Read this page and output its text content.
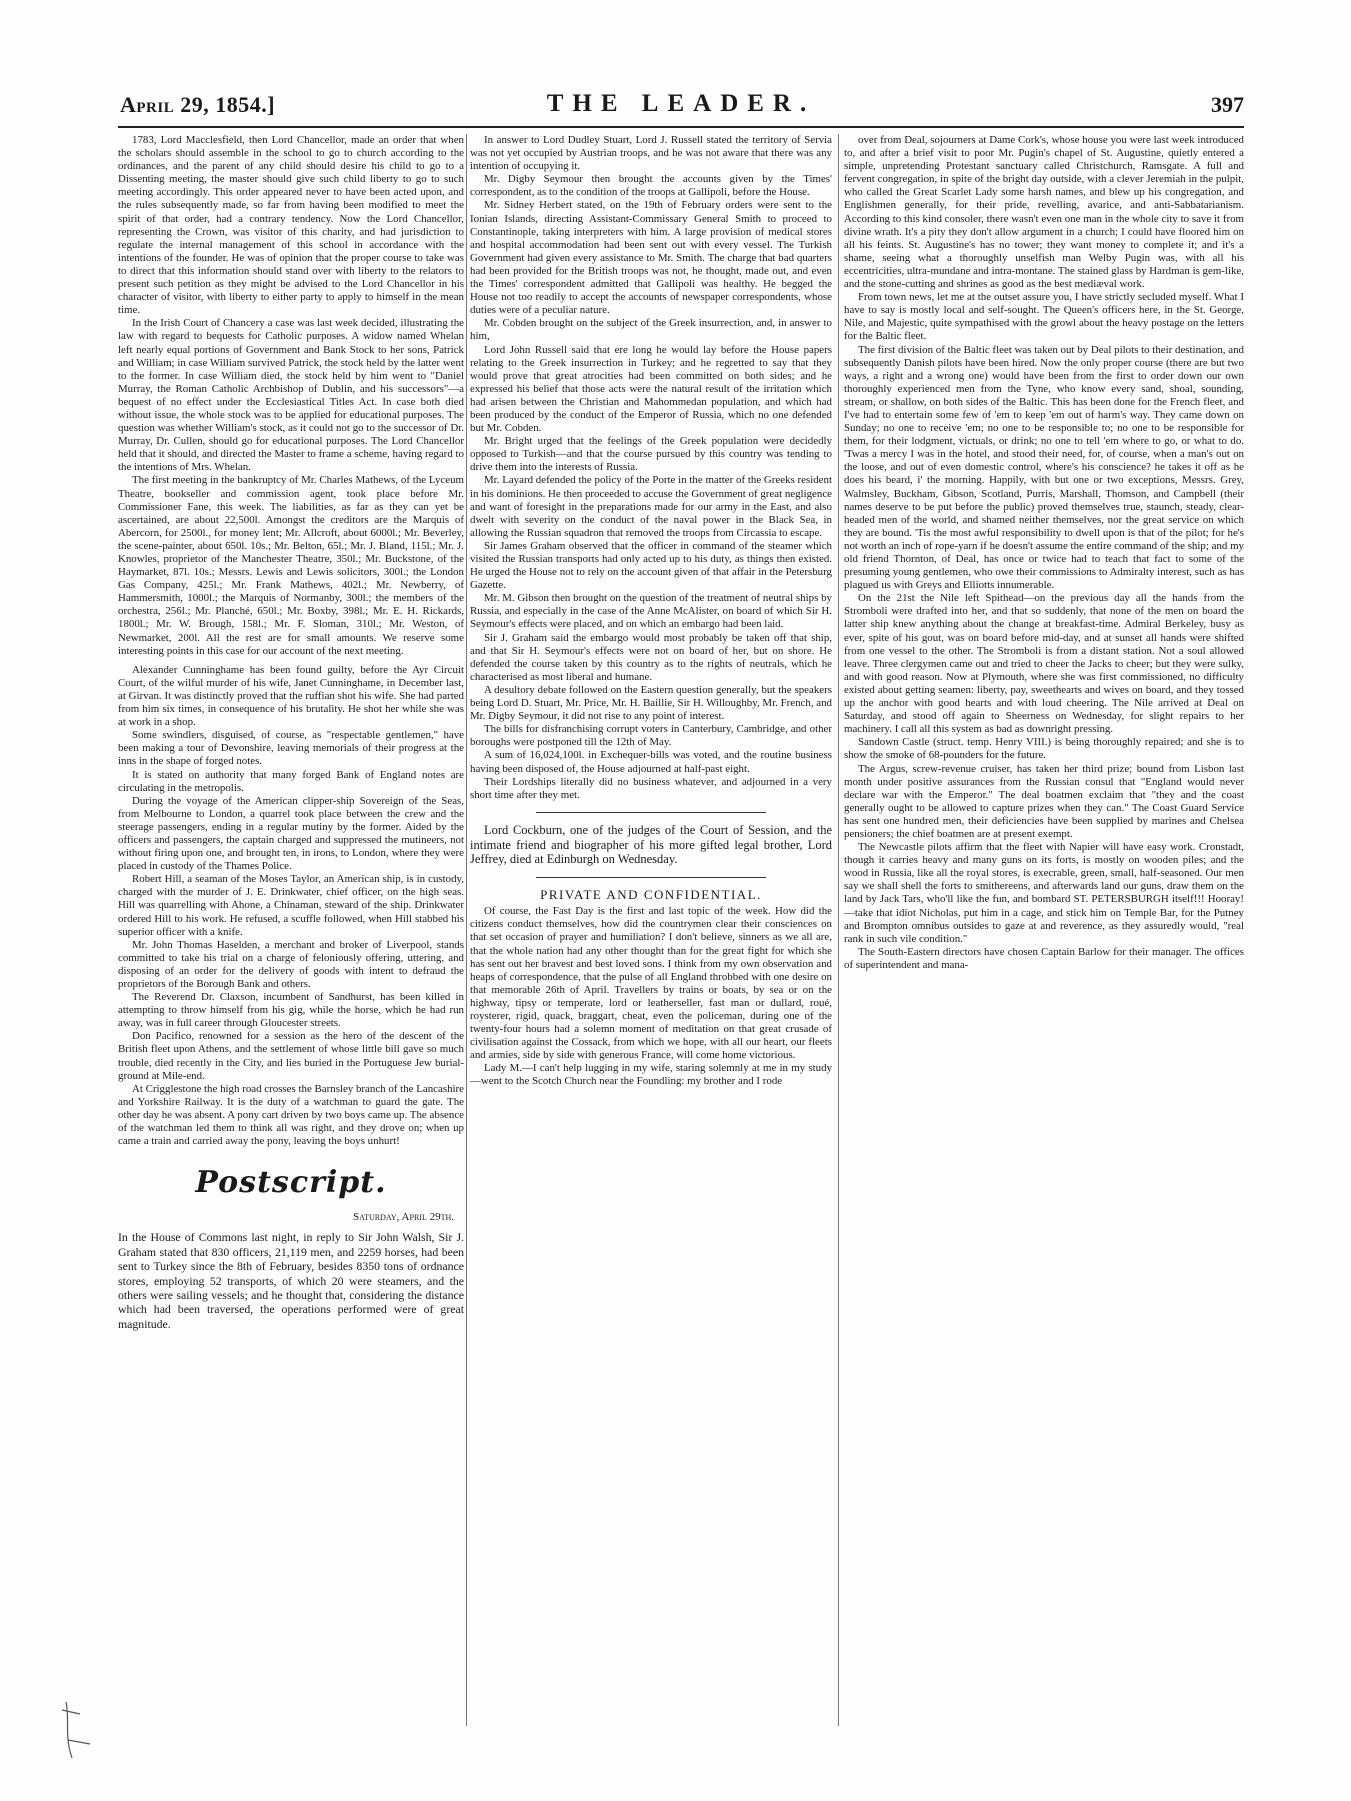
April 29, 1854.]	THE LEADER.	397

1783, Lord Macclesfield, then Lord Chancellor, made an order that when the scholars should assemble in the school to go to church according to the ordinances, and the parent of any child should desire his child to go to a Dissenting meeting, the master should give such child liberty to go to such meeting accordingly. This order appeared never to have been acted upon, and the rules subsequently made, so far from having been modified to meet the spirit of that order, had a contrary tendency. Now the Lord Chancellor, representing the Crown, was visitor of this charity, and had jurisdiction to regulate the internal management of this school in accordance with the intentions of the founder. He was of opinion that the proper course to take was to direct that this information should stand over with liberty to the relators to present such petition as they might be advised to the Lord Chancellor in his character of visitor, with liberty to either party to apply to himself in the mean time.

In the Irish Court of Chancery a case was last week decided, illustrating the law with regard to bequests for Catholic purposes. A widow named Whelan left nearly equal portions of Government and Bank Stock to her sons, Patrick and William; in case William survived Patrick, the stock held by the latter went to the former. In case William died, the stock held by him went to "Daniel Murray, the Roman Catholic Archbishop of Dublin, and his successors"—a bequest of no effect under the Ecclesiastical Titles Act. In case both died without issue, the whole stock was to be applied for educational purposes. The question was whether William's stock, as it could not go to the successor of Dr. Murray, Dr. Cullen, should go for educational purposes. The Lord Chancellor held that it should, and directed the Master to frame a scheme, having regard to the intentions of Mrs. Whelan.

The first meeting in the bankruptcy of Mr. Charles Mathews, of the Lyceum Theatre, bookseller and commission agent, took place before Mr. Commissioner Fane, this week. The liabilities, as far as they can yet be ascertained, are about 22,500l. Amongst the creditors are the Marquis of Abercorn, for 2500l., for money lent; Mr. Allcroft, about 6000l.; Mr. Beverley, the scene-painter, about 650l. 10s.; Mr. Belton, 65l.; Mr. J. Bland, 115l.; Mr. J. Knowles, proprietor of the Manchester Theatre, 350l.; Mr. Buckstone, of the Haymarket, 87l. 10s.; Messrs. Lewis and Lewis solicitors, 300l.; the London Gas Company, 425l.; Mr. Frank Mathews, 402l.; Mr. Newberry, of Hammersmith, 1000l.; the Marquis of Normanby, 300l.; the members of the orchestra, 256l.; Mr. Planché, 650l.; Mr. Boxby, 398l.; Mr. E. H. Rickards, 1800l.; Mr. W. Brough, 158l.; Mr. F. Sloman, 310l.; Mr. Weston, of Newmarket, 200l. All the rest are for small amounts. We reserve some interesting points in this case for our account of the next meeting.

Alexander Cunninghame has been found guilty, before the Ayr Circuit Court, of the wilful murder of his wife, Janet Cunninghame, in December last, at Girvan. It was distinctly proved that the ruffian shot his wife. She had parted from him six times, in consequence of his brutality. He shot her while she was at work in a shop.

Some swindlers, disguised, of course, as "respectable gentlemen," have been making a tour of Devonshire, leaving memorials of their progress at the inns in the shape of forged notes.

It is stated on authority that many forged Bank of England notes are circulating in the metropolis.

During the voyage of the American clipper-ship Sovereign of the Seas, from Melbourne to London, a quarrel took place between the crew and the steerage passengers, ending in a regular mutiny by the former. Aided by the officers and passengers, the captain charged and suppressed the mutineers, not without firing upon one, and brought ten, in irons, to London, where they were placed in custody of the Thames Police.

Robert Hill, a seaman of the Moses Taylor, an American ship, is in custody, charged with the murder of J. E. Drinkwater, chief officer, on the high seas. Hill was quarrelling with Ahone, a Chinaman, steward of the ship. Drinkwater ordered Hill to his work. He refused, a scuffle followed, when Hill stabbed his superior officer with a knife.

Mr. John Thomas Haselden, a merchant and broker of Liverpool, stands committed to take his trial on a charge of feloniously offering, uttering, and disposing of an order for the delivery of goods with intent to defraud the proprietors of the Borough Bank and others.

The Reverend Dr. Claxson, incumbent of Sandhurst, has been killed in attempting to throw himself from his gig, while the horse, which he had run away, was in full career through Gloucester streets.

Don Pacifico, renowned for a session as the hero of the descent of the British fleet upon Athens, and the settlement of whose little bill gave so much trouble, died recently in the City, and lies buried in the Portuguese Jew burial-ground at Mile-end.

At Crigglestone the high road crosses the Barnsley branch of the Lancashire and Yorkshire Railway. It is the duty of a watchman to guard the gate. The other day he was absent. A pony cart driven by two boys came up. The absence of the watchman led them to think all was right, and they drove on; when up came a train and carried away the pony, leaving the boys unhurt!

Postscript.
Saturday, April 29th.

In the House of Commons last night, in reply to Sir John Walsh, Sir J. Graham stated that 830 officers, 21,119 men, and 2259 horses, had been sent to Turkey since the 8th of February, besides 8350 tons of ordnance stores, employing 52 transports, of which 20 were steamers, and the others were sailing vessels; and he thought that, considering the distance which had been traversed, the operations performed were of great magnitude.

In answer to Lord Dudley Stuart, Lord J. Russell stated the territory of Servia was not yet occupied by Austrian troops, and he was not aware that there was any intention of occupying it.

Mr. Digby Seymour then brought the accounts given by the Times' correspondent, as to the condition of the troops at Gallipoli, before the House.

Mr. Sidney Herbert stated, on the 19th of February orders were sent to the Ionian Islands, directing Assistant-Commissary General Smith to proceed to Constantinople, taking interpreters with him. A large provision of medical stores and hospital accommodation had been sent out with every vessel. The Turkish Government had given every assistance to Mr. Smith. The charge that bad quarters had been provided for the British troops was not, he thought, made out, and even the Times' correspondent admitted that Gallipoli was healthy. He begged the House not too readily to accept the accounts of newspaper correspondents, whose duties were of a peculiar nature.

Mr. Cobden brought on the subject of the Greek insurrection, and, in answer to him,

Lord John Russell said that ere long he would lay before the House papers relating to the Greek insurrection in Turkey; and he regretted to say that they would prove that great atrocities had been committed on both sides; and he expressed his belief that those acts were the natural result of the irritation which had arisen between the Christian and Mahommedan population, and which had been produced by the conduct of the Emperor of Russia, which no one defended but Mr. Cobden.

Mr. Bright urged that the feelings of the Greek population were decidedly opposed to Turkish—and that the course pursued by this country was tending to drive them into the interests of Russia.

Mr. Layard defended the policy of the Porte in the matter of the Greeks resident in his dominions. He then proceeded to accuse the Government of great negligence and want of foresight in the preparations made for our army in the East, and also dwelt with severity on the conduct of the naval power in the Black Sea, in allowing the Russian squadron that removed the troops from Circassia to escape.

Sir James Graham observed that the officer in command of the steamer which visited the Russian transports had only acted up to his duty, as things then existed. He urged the House not to rely on the account given of that affair in the Petersburg Gazette.

Mr. M. Gibson then brought on the question of the treatment of neutral ships by Russia, and especially in the case of the Anne McAlister, on board of which Sir H. Seymour's effects were placed, and on which an embargo had been laid.

Sir J. Graham said the embargo would most probably be taken off that ship, and that Sir H. Seymour's effects were not on board of her, but on shore. He defended the course taken by this country as to the rights of neutrals, which he characterised as most liberal and humane.

A desultory debate followed on the Eastern question generally, but the speakers being Lord D. Stuart, Mr. Price, Mr. H. Baillie, Sir H. Willoughby, Mr. French, and Mr. Digby Seymour, it did not rise to any point of interest.

The bills for disfranchising corrupt voters in Canterbury, Cambridge, and other boroughs were postponed till the 12th of May.

A sum of 16,024,100l. in Exchequer-bills was voted, and the routine business having been disposed of, the House adjourned at half-past eight.

Their Lordships literally did no business whatever, and adjourned in a very short time after they met.

Lord Cockburn, one of the judges of the Court of Session, and the intimate friend and biographer of his more gifted legal brother, Lord Jeffrey, died at Edinburgh on Wednesday.

PRIVATE AND CONFIDENTIAL.

Of course, the Fast Day is the first and last topic of the week. How did the citizens conduct themselves, how did the countrymen clear their consciences on that set occasion of prayer and humiliation? I don't believe, sinners as we all are, that the whole nation had any other thought than for the great fight for which she has sent out her bravest and best loved sons. I think from my own observation and heaps of correspondence, that the pulse of all England throbbed with one desire on that memorable 26th of April. Travellers by trains or boats, by sea or on the highway, tipsy or temperate, lord or leatherseller, fast man or dullard, roué, roysterer, rigid, quack, braggart, cheat, even the policeman, during one of the twenty-four hours had a solemn moment of meditation on that great crusade of civilisation against the Cossack, from which we hope, with all our heart, our fleets and armies, side by side with generous France, will come home victorious.

Lady M.—I can't help lugging in my wife, staring solemnly at me in my study—went to the Scotch Church near the Foundling: my brother and I rode

over from Deal, sojourners at Dame Cork's, whose house you were last week introduced to, and after a brief visit to poor Mr. Pugin's chapel of St. Augustine, quietly entered a simple, unpretending Protestant sanctuary called Christchurch, Ramsgate. A full and fervent congregation, in spite of the bright day outside, with a clever Jeremiah in the pulpit, who called the Great Scarlet Lady some harsh names, and blew up his congregation, and Englishmen generally, for their pride, revelling, avarice, and anti-Sabbatarianism. According to this kind consoler, there wasn't even one man in the whole city to save it from divine wrath. It's a pity they don't allow argument in a church; I could have floored him on all his feints. St. Augustine's has no tower; they want money to complete it; and it's a shame, seeing what a thoroughly unselfish man Welby Pugin was, with all his eccentricities, ultra-mundane and intra-montane. The stained glass by Hardman is gem-like, and the stone-cutting and shrines as good as the best mediæval work.

From town news, let me at the outset assure you, I have strictly secluded myself. What I have to say is mostly local and self-sought. The Queen's officers here, in the St. George, Nile, and Majestic, quite sympathised with the growl about the heavy postage on the letters for the Baltic fleet.

The first division of the Baltic fleet was taken out by Deal pilots to their destination, and subsequently Danish pilots have been hired. Now the only proper course (there are but two ways, a right and a wrong one) would have been from the first to order down our own thoroughly experienced men from the Tyne, who know every sand, shoal, sounding, stream, or shallow, on both sides of the Baltic. This has been done for the French fleet, and I've had to entertain some few of 'em to keep 'em out of harm's way. They came down on Sunday; no one to receive 'em; no one to be responsible to; no one to be responsible for them, for their lodgment, victuals, or drink; no one to tell 'em where to go, or what to do. 'Twas a mercy I was in the hotel, and stood their need, for, of course, when a man's out on the loose, and out of even domestic control, where's his conscience? he takes it off as he does his beard, i' the morning. Happily, with but one or two exceptions, Messrs. Grey, Walmsley, Buckham, Gibson, Scotland, Purris, Marshall, Thomson, and Campbell (their names deserve to be put before the public) proved themselves true, staunch, steady, clear-headed men of the world, and shamed neither themselves, nor the great service on which they are bound. 'Tis the most awful responsibility to dwell upon is that of the pilot; for he's not worth an inch of rope-yarn if he doesn't assume the entire command of the ship; and my old friend Thornton, of Deal, has once or twice had to teach that fact to some of the presuming young gentlemen, who owe their commissions to Admiralty interest, such as has plagued us with Greys and Elliotts innumerable.

On the 21st the Nile left Spithead—on the previous day all the hands from the Stromboli were drafted into her, and that so suddenly, that none of the men on board the latter ship knew anything about the change at breakfast-time. Admiral Berkeley, busy as ever, spite of his gout, was on board before mid-day, and at sunset all hands were shifted from one vessel to the other. The Stromboli is from a distant station. Not a soul allowed leave. Three clergymen came out and tried to cheer the Jacks to cheer; but they were sulky, and with good reason. Now at Plymouth, where she was first commissioned, no difficulty existed about getting seamen: liberty, pay, sweethearts and wives on board, and they tossed up the anchor with good hearts and with loud cheering. The Nile arrived at Deal on Saturday, and stood off again to Sheerness on Wednesday, for slight repairs to her machinery. I call all this system as bad as downright pressing.

Sandown Castle (struct. temp. Henry VIII.) is being thoroughly repaired; and she is to show the smoke of 68-pounders for the future.

The Argus, screw-revenue cruiser, has taken her third prize; bound from Lisbon last month under positive assurances from the Russian consul that "England would never declare war with the Emperor." The deal boatmen exclaim that "they and the coast generally ought to be allowed to capture prizes when they can." The Coast Guard Service has sent one hundred men, their deficiencies have been supplied by marines and Chelsea pensioners; the chief boatmen are at present exempt.

The Newcastle pilots affirm that the fleet with Napier will have easy work. Cronstadt, though it carries heavy and many guns on its forts, is mostly on wooden piles; and the wood in Russia, like all the royal stores, is execrable, green, small, half-seasoned. Our men say we shall shell the forts to smithereens, and afterwards land our guns, draw them on the land by Jack Tars, who'll like the fun, and bombard ST. PETERSBURGH itself!!! Hooray!—take that idiot Nicholas, put him in a cage, and stick him on Temple Bar, for the Putney and Brompton omnibus outsides to gaze at and reverence, as they assuredly would, "real rank in such vile condition."

The South-Eastern directors have chosen Captain Barlow for their manager. The offices of superintendent and mana-
